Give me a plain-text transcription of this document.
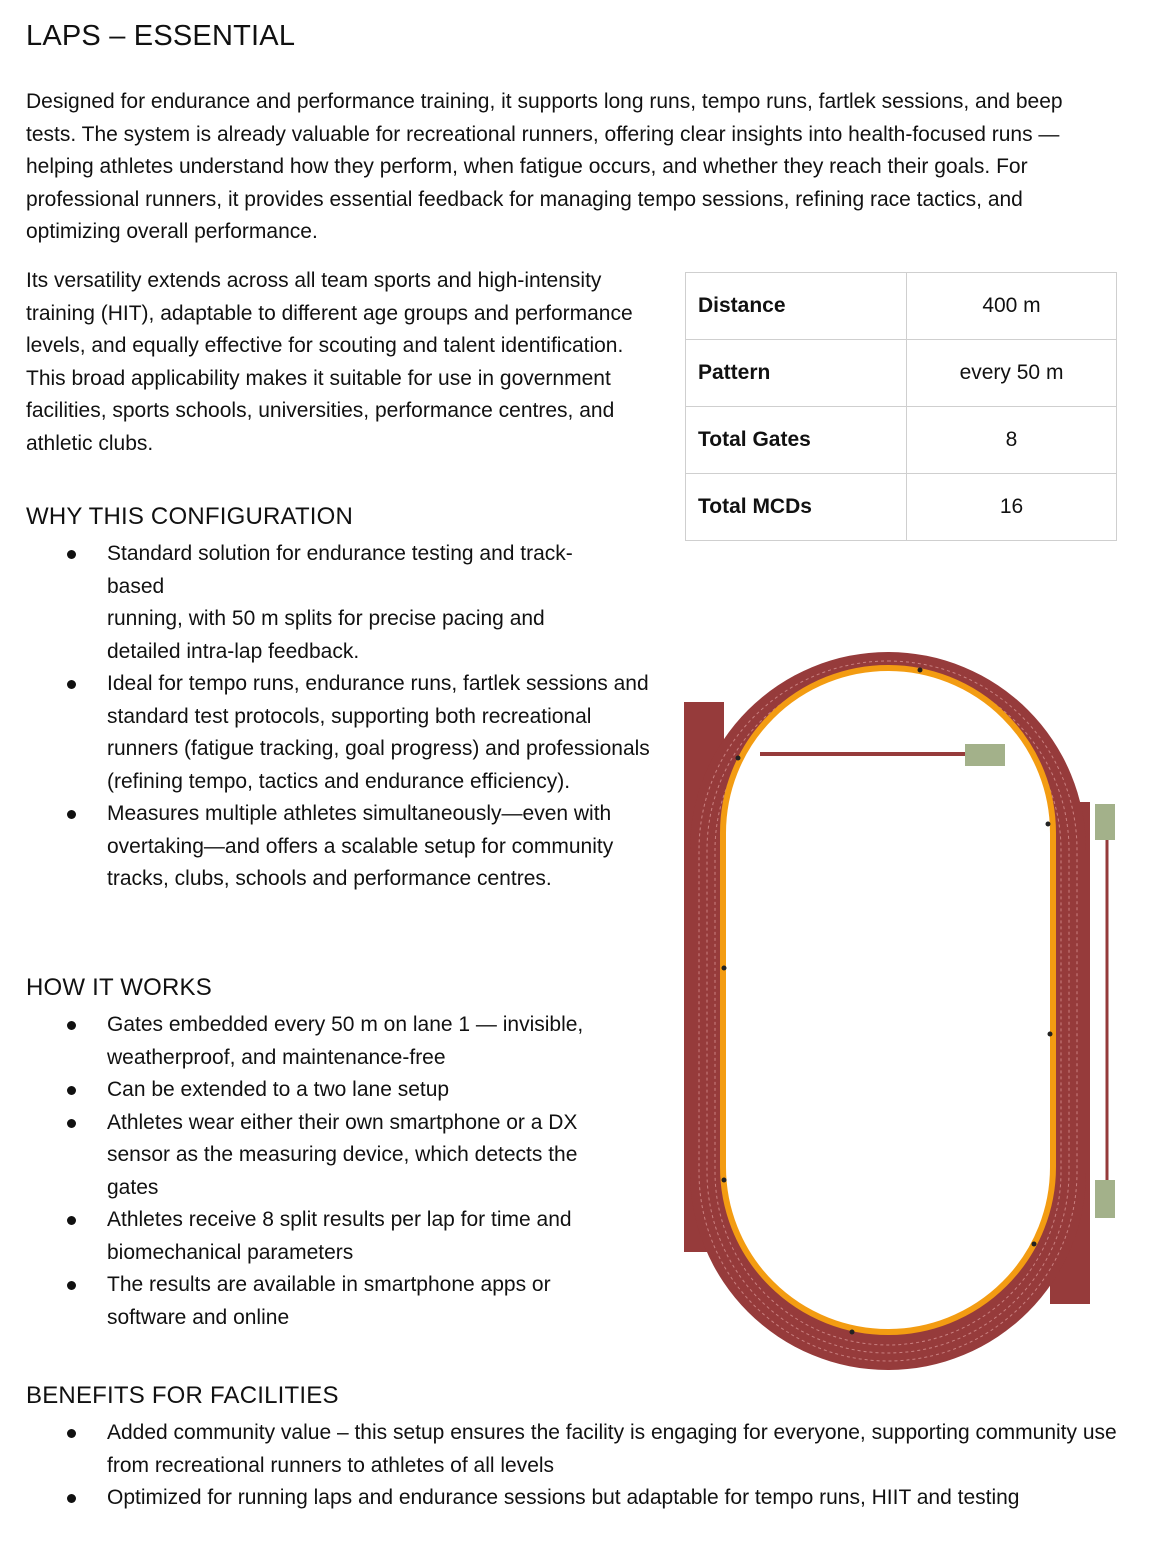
LAPS – ESSENTIAL

Designed for endurance and performance training, it supports long runs, tempo runs, fartlek sessions, and beep tests. The system is already valuable for recreational runners, offering clear insights into health-focused runs — helping athletes understand how they perform, when fatigue occurs, and whether they reach their goals. For professional runners, it provides essential feedback for managing tempo sessions, refining race tactics, and optimizing overall performance.

Its versatility extends across all team sports and high-intensity training (HIT), adaptable to different age groups and performance levels, and equally effective for scouting and talent identification. This broad applicability makes it suitable for use in government facilities, sports schools, universities, performance centres, and athletic clubs.

Distance	400 m
Pattern	every 50 m
Total Gates	8
Total MCDs	16
WHY THIS CONFIGURATION
Standard solution for endurance testing and track-based
running, with 50 m splits for precise pacing and detailed intra-lap feedback.
Ideal for tempo runs, endurance runs, fartlek sessions and standard test protocols, supporting both recreational runners (fatigue tracking, goal progress) and professionals (refining tempo, tactics and endurance efficiency).
Measures multiple athletes simultaneously—even with overtaking—and offers a scalable setup for community tracks, clubs, schools and performance centres.
HOW IT WORKS
Gates embedded every 50 m on lane 1 — invisible, weatherproof, and maintenance-free
Can be extended to a two lane setup
Athletes wear either their own smartphone or a DX sensor as the measuring device, which detects the gates
Athletes receive 8 split results per lap for time and biomechanical parameters
The results are available in smartphone apps or software and online
BENEFITS FOR FACILITIES
Added community value – this setup ensures the facility is engaging for everyone, supporting community use from recreational runners to athletes of all levels
Optimized for running laps and endurance sessions but adaptable for tempo runs, HIIT and testing
